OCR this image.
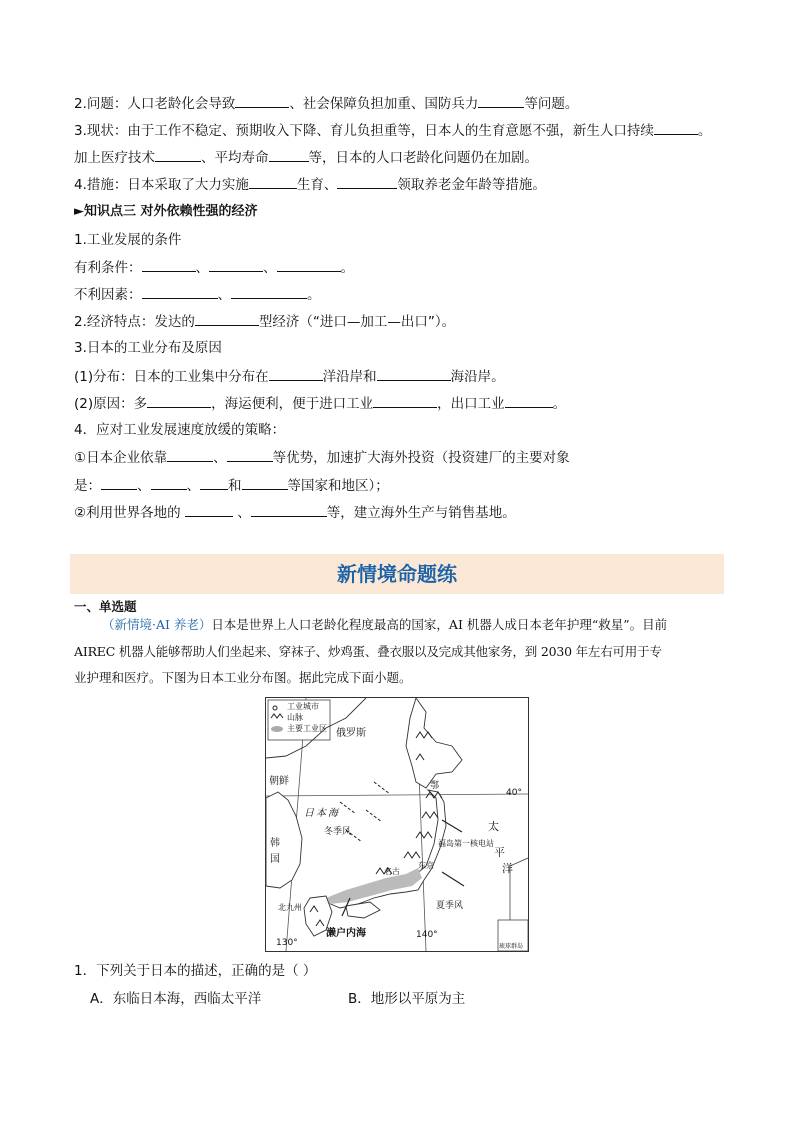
2.问题：人口老龄化会导致	、社会保障负担加重、国防兵力	等问题。
3.现状：由于工作不稳定、预期收入下降、育儿负担重等，日本人的生育意愿不强，新生人口持续	。
加上医疗技术	、平均寿命	等，日本的人口老龄化问题仍在加剧。
4.措施：日本采取了大力实施	生育、	领取养老金年龄等措施。
►知识点三 对外依赖性强的经济
1.工业发展的条件
有利条件：	、	、	。
不利因素：	、	。
2.经济特点：发达的	型经济（“进口—加工—出口”）。
3.日本的工业分布及原因
(1)分布：日本的工业集中分布在	洋沿岸和	海沿岸。
(2)原因：多	，海运便利，便于进口工业	，出口工业	。
4．应对工业发展速度放缓的策略：
①日本企业依靠	、	等优势，加速扩大海外投资（投资建厂的主要对象
是：	、	、 和	等国家和地区）；
②利用世界各地的	、	等，建立海外生产与销售基地。
新情境命题练
一、单选题
（新情境·AI 养老）日本是世界上人口老龄化程度最高的国家，AI 机器人成日本老年护理“救星”。目前
AIREC 机器人能够帮助人们坐起来、穿袜子、炒鸡蛋、叠衣服以及完成其他家务，到 2030 年左右可用于专
业护理和医疗。下图为日本工业分布图。据此完成下面小题。
工业城市
山脉
主要工业区 俄罗斯
朝鲜
韩
国
日本海
冬季风
鄂
40°
太
平
洋
福岛第一核电站
东京
名古
夏季风
北九州
濑户内海
130°
140°
琉球群岛
1．下列关于日本的描述，正确的是（ ）
A．东临日本海，西临太平洋	B．地形以平原为主
